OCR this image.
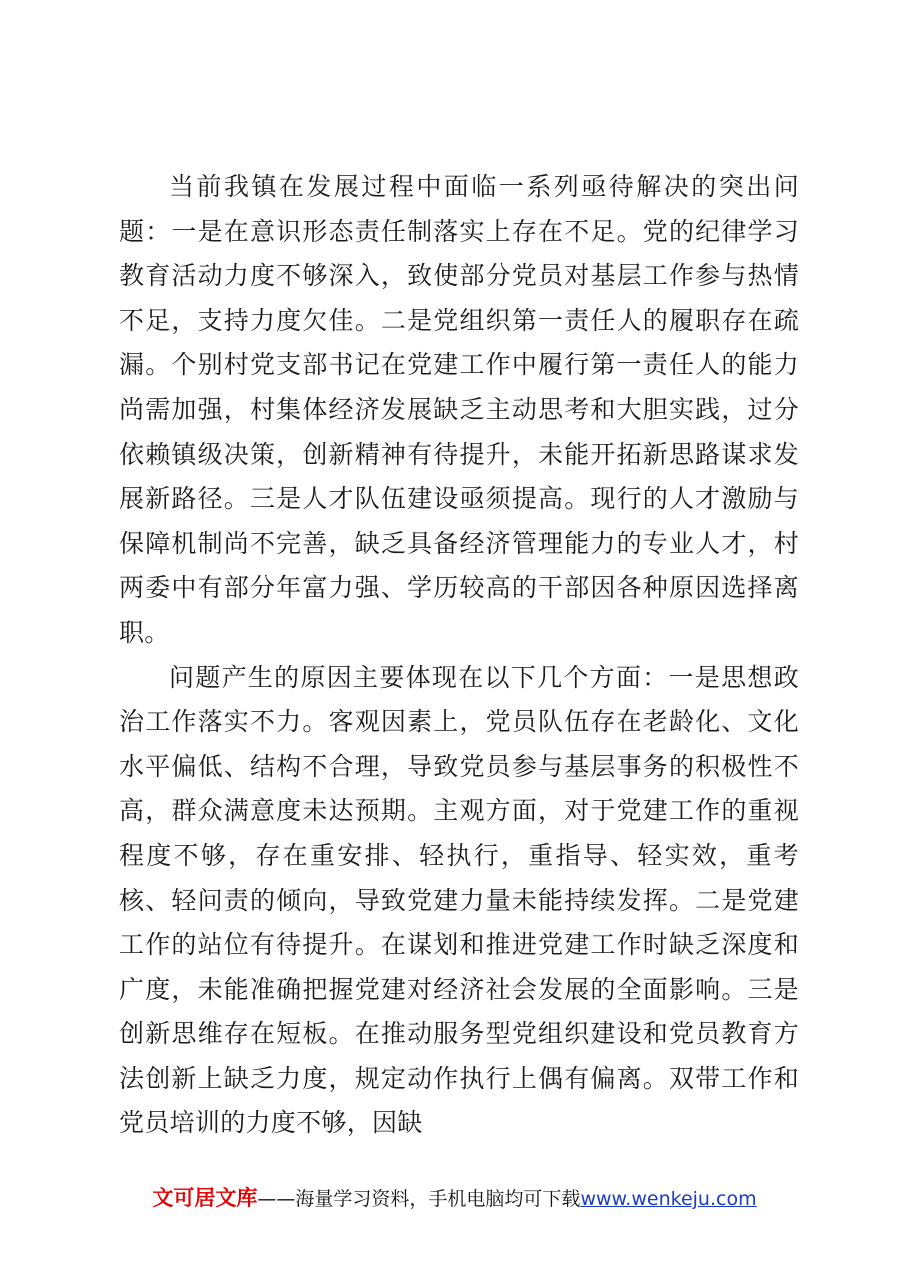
当前我镇在发展过程中面临一系列亟待解决的突出问题：一是在意识形态责任制落实上存在不足。党的纪律学习教育活动力度不够深入，致使部分党员对基层工作参与热情不足，支持力度欠佳。二是党组织第一责任人的履职存在疏漏。个别村党支部书记在党建工作中履行第一责任人的能力尚需加强，村集体经济发展缺乏主动思考和大胆实践，过分依赖镇级决策，创新精神有待提升，未能开拓新思路谋求发展新路径。三是人才队伍建设亟须提高。现行的人才激励与保障机制尚不完善，缺乏具备经济管理能力的专业人才，村两委中有部分年富力强、学历较高的干部因各种原因选择离职。

问题产生的原因主要体现在以下几个方面：一是思想政治工作落实不力。客观因素上，党员队伍存在老龄化、文化水平偏低、结构不合理，导致党员参与基层事务的积极性不高，群众满意度未达预期。主观方面，对于党建工作的重视程度不够，存在重安排、轻执行，重指导、轻实效，重考核、轻问责的倾向，导致党建力量未能持续发挥。二是党建工作的站位有待提升。在谋划和推进党建工作时缺乏深度和广度，未能准确把握党建对经济社会发展的全面影响。三是创新思维存在短板。在推动服务型党组织建设和党员教育方法创新上缺乏力度，规定动作执行上偶有偏离。双带工作和党员培训的力度不够，因缺

文可居文库——海量学习资料，手机电脑均可下载www.wenkeju.com
